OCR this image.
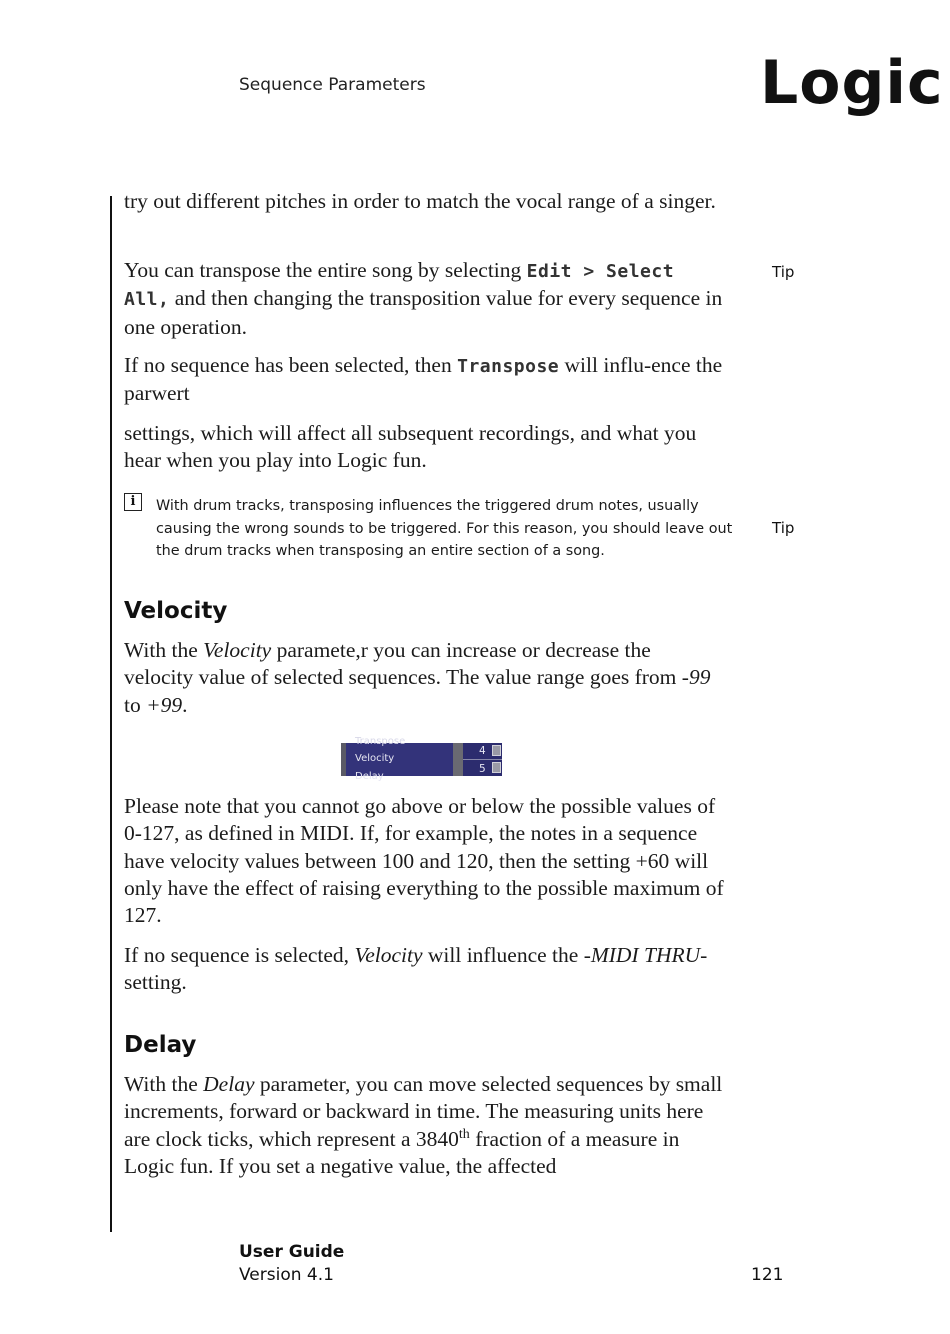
Sequence Parameters	Logic

try out different pitches in order to match the vocal range of a singer.

You can transpose the entire song by selecting Edit > Select All, and then changing the transposition value for every sequence in one operation.

Tip

If no sequence has been selected, then Transpose will influ-ence the parwert

settings, which will affect all subsequent recordings, and what you hear when you play into Logic fun.

i	With drum tracks, transposing influences the triggered drum notes, usually causing the wrong sounds to be triggered. For this reason, you should leave out the drum tracks when transposing an entire section of a song.

Tip
Velocity

With the Velocity paramete,r you can increase or decrease the velocity value of selected sequences. The value range goes from -99 to +99.

Transpose
Velocity
Delay
4
5

Please note that you cannot go above or below the possible values of 0-127, as defined in MIDI. If, for example, the notes in a sequence have velocity values between 100 and 120, then the setting +60 will only have the effect of raising everything to the possible maximum of 127.

If no sequence is selected, Velocity will influence the -MIDI THRU-setting.

Delay

With the Delay parameter, you can move selected sequences by small increments, forward or backward in time. The measuring units here are clock ticks, which represent a 3840th fraction of a measure in Logic fun. If you set a negative value, the affected

User Guide
Version 4.1	121
